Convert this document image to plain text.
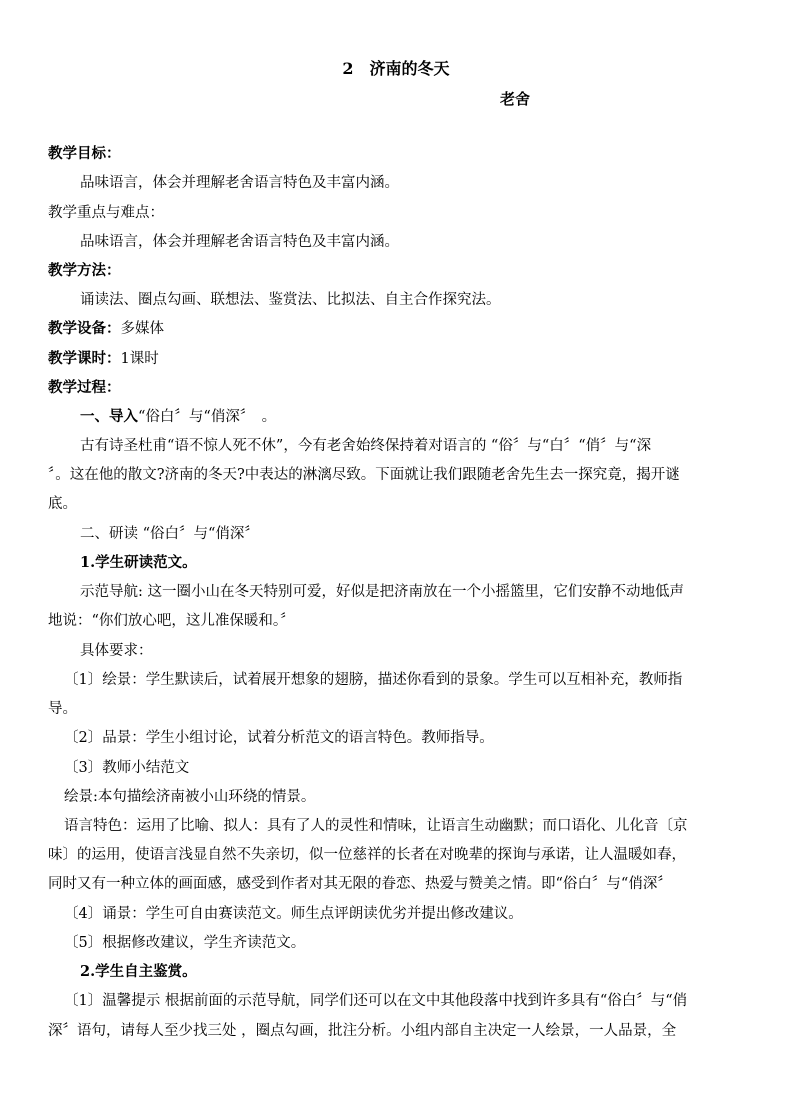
2　济南的冬天
老舍
教学目标：
品味语言，体会并理解老舍语言特色及丰富内涵。
教学重点与难点：
品味语言，体会并理解老舍语言特色及丰富内涵。
教学方法：
诵读法、圈点勾画、联想法、鉴赏法、比拟法、自主合作探究法。
教学设备：多媒体
教学课时：1课时
教学过程：
一、导入“俗白〞与“俏深〞　。
古有诗圣杜甫“语不惊人死不休”，今有老舍始终保持着对语言的 “俗〞与“白〞“俏〞与“深
〞。这在他的散文?济南的冬天?中表达的淋漓尽致。下面就让我们跟随老舍先生去一探究竟，揭开谜
底。
二、研读 “俗白〞与“俏深〞
1.学生研读范文。
示范导航: 这一圈小山在冬天特别可爱，好似是把济南放在一个小摇篮里，它们安静不动地低声
地说：“你们放心吧，这儿准保暖和。〞
具体要求：
〔1〕绘景：学生默读后，试着展开想象的翅膀，描述你看到的景象。学生可以互相补充，教师指
导。
〔2〕品景：学生小组讨论，试着分析范文的语言特色。教师指导。
〔3〕教师小结范文
绘景:本句描绘济南被小山环绕的情景。
语言特色：运用了比喻、拟人：具有了人的灵性和情味，让语言生动幽默；而口语化、儿化音〔京
味〕的运用，使语言浅显自然不失亲切，似一位慈祥的长者在对晚辈的探询与承诺，让人温暖如春，
同时又有一种立体的画面感，感受到作者对其无限的眷恋、热爱与赞美之情。即“俗白〞与“俏深〞
〔4〕诵景：学生可自由赛读范文。师生点评朗读优劣并提出修改建议。
〔5〕根据修改建议，学生齐读范文。
2.学生自主鉴赏。
〔1〕温馨提示 根据前面的示范导航，同学们还可以在文中其他段落中找到许多具有“俗白〞与“俏
深〞语句，请每人至少找三处 ，圈点勾画，批注分析。小组内部自主决定一人绘景，一人品景，全
